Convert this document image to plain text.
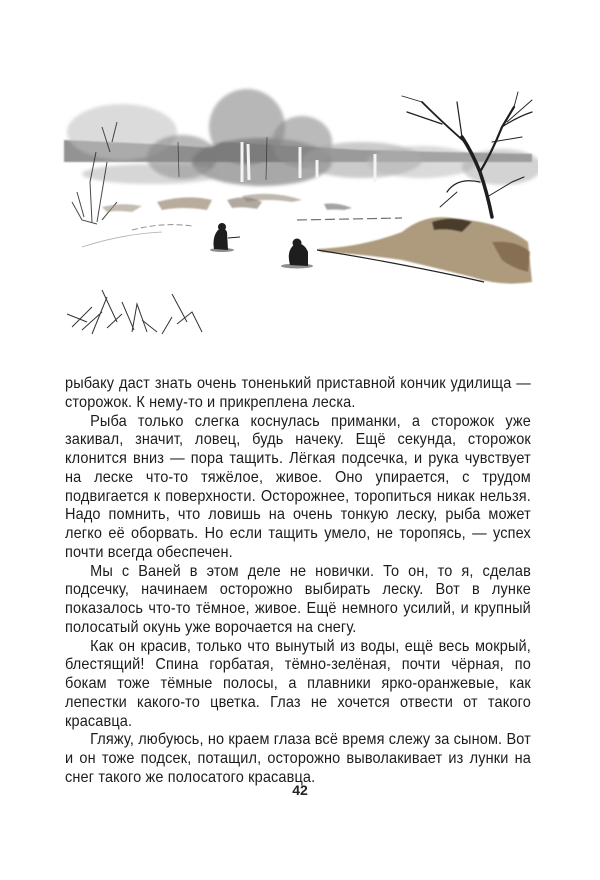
рыбаку даст знать очень тоненький приставной кончик удилища — сторожок. К нему-то и прикреплена леска.

Рыба только слегка коснулась приманки, а сторожок уже закивал, значит, ловец, будь начеку. Ещё секунда, сторожок клонится вниз — пора тащить. Лёгкая подсечка, и рука чувствует на леске что-то тяжёлое, живое. Оно упирается, с трудом подвигается к поверхности. Осторожнее, торопиться никак нельзя. Надо помнить, что ловишь на очень тонкую леску, рыба может легко её оборвать. Но если тащить умело, не торопясь, — успех почти всегда обеспечен.

Мы с Ваней в этом деле не новички. То он, то я, сделав подсечку, начинаем осторожно выбирать леску. Вот в лунке показалось что-то тёмное, живое. Ещё немного усилий, и крупный полосатый окунь уже ворочается на снегу.

Как он красив, только что вынутый из воды, ещё весь мокрый, блестящий! Спина горбатая, тёмно-зелёная, почти чёрная, по бокам тоже тёмные полосы, а плавники ярко-оранжевые, как лепестки какого-то цветка. Глаз не хочется отвести от такого красавца.

Гляжу, любуюсь, но краем глаза всё время слежу за сыном. Вот и он тоже подсек, потащил, осторожно выволакивает из лунки на снег такого же полосатого красавца.

42
